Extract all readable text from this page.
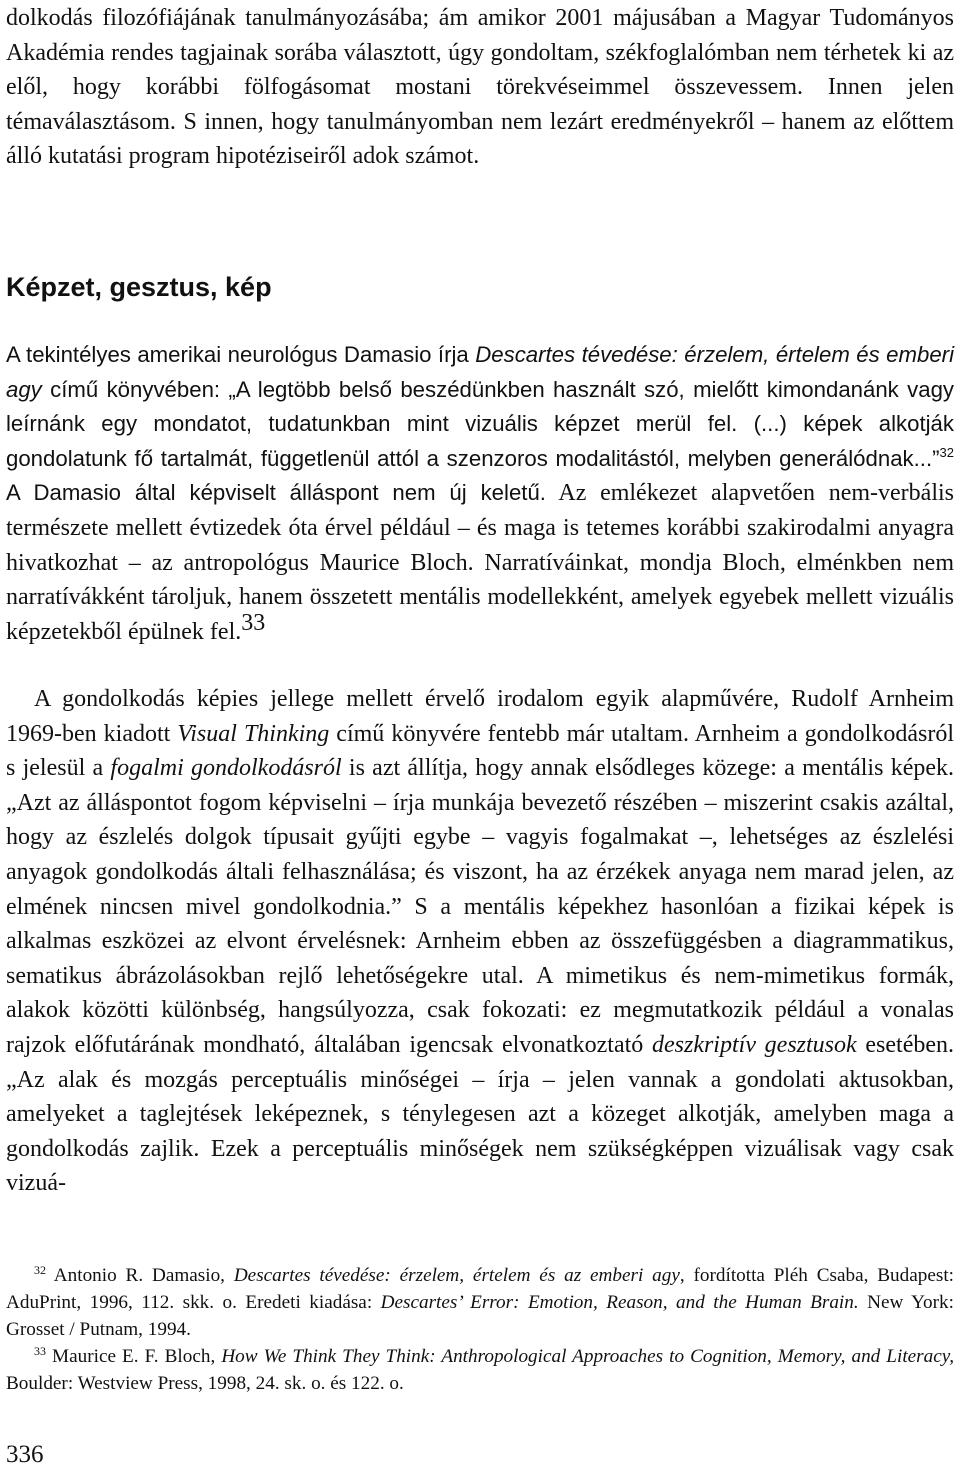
dolkodás filozófiájának tanulmányozásába; ám amikor 2001 májusában a Magyar Tudományos Akadémia rendes tagjainak sorába választott, úgy gondoltam, székfoglalómban nem térhetek ki az elől, hogy korábbi fölfogásomat mostani törekvéseimmel összevessem. Innen jelen témaválasztásom. S innen, hogy tanulmányomban nem lezárt eredményekről – hanem az előttem álló kutatási program hipotéziseiről adok számot.

Képzet, gesztus, kép

A tekintélyes amerikai neurológus Damasio írja Descartes tévedése: érzelem, értelem és emberi agy című könyvében: „A legtöbb belső beszédünkben használt szó, mielőtt kimondanánk vagy leírnánk egy mondatot, tudatunkban mint vizuális képzet merül fel. (...) képek alkotják gondolatunk fő tartalmát, függetlenül attól a szenzoros modalitástól, melyben generálódnak...”$^{32}$ A Damasio által képviselt álláspont nem új keletű. Az emlékezet alapvetően nem-verbális természete mellett évtizedek óta érvel például – és maga is tetemes korábbi szakirodalmi anyagra hivatkozhat – az antropológus Maurice Bloch. Narratíváinkat, mondja Bloch, elménkben nem narratívákként tároljuk, hanem összetett mentális modellekként, amelyek egyebek mellett vizuális képzetekből épülnek fel.$^{33}$

A gondolkodás képies jellege mellett érvelő irodalom egyik alapművére, Rudolf Arnheim 1969-ben kiadott Visual Thinking című könyvére fentebb már utaltam. Arnheim a gondolkodásról s jelesül a fogalmi gondolkodásról is azt állítja, hogy annak elsődleges közege: a mentális képek. „Azt az álláspontot fogom képviselni – írja munkája bevezető részében – miszerint csakis azáltal, hogy az észlelés dolgok típusait gyűjti egybe – vagyis fogalmakat –, lehetséges az észlelési anyagok gondolkodás általi felhasználása; és viszont, ha az érzékek anyaga nem marad jelen, az elmének nincsen mivel gondolkodnia.” S a mentális képekhez hasonlóan a fizikai képek is alkalmas eszközei az elvont érvelésnek: Arnheim ebben az összefüggésben a diagrammatikus, sematikus ábrázolásokban rejlő lehetőségekre utal. A mimetikus és nem-mimetikus formák, alakok közötti különbség, hangsúlyozza, csak fokozati: ez megmutatkozik például a vonalas rajzok előfutárának mondható, általában igencsak elvonatkoztató deszkriptív gesztusok esetében. „Az alak és mozgás perceptuális minőségei – írja – jelen vannak a gondolati aktusokban, amelyeket a taglejtések leképeznek, s ténylegesen azt a közeget alkotják, amelyben maga a gondolkodás zajlik. Ezek a perceptuális minőségek nem szükségképpen vizuálisak vagy csak vizuá-

$^{32}$ Antonio R. Damasio, Descartes tévedése: érzelem, értelem és az emberi agy, fordította Pléh Csaba, Budapest: AduPrint, 1996, 112. skk. o. Eredeti kiadása: Descartes’ Error: Emotion, Reason, and the Human Brain. New York: Grosset / Putnam, 1994.

$^{33}$ Maurice E. F. Bloch, How We Think They Think: Anthropological Approaches to Cognition, Memory, and Literacy, Boulder: Westview Press, 1998, 24. sk. o. és 122. o.

336
